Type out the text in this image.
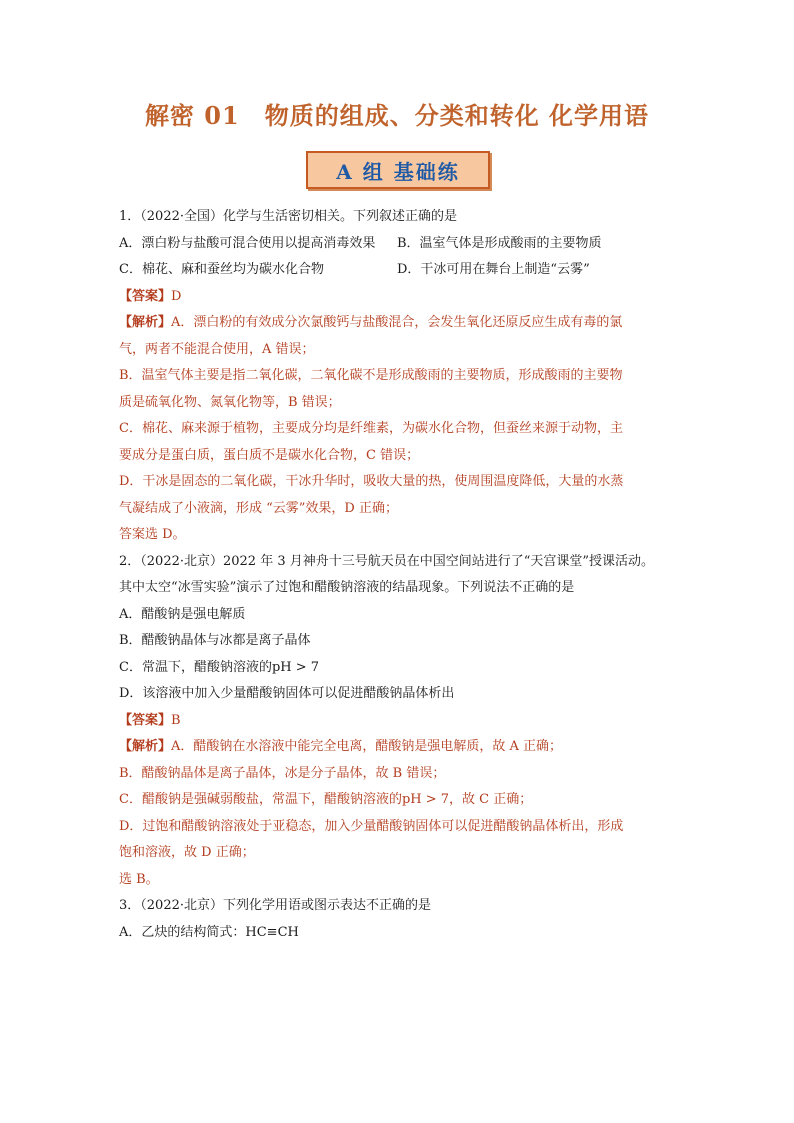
解密 01　物质的组成、分类和转化 化学用语
A 组 基础练
1．（2022·全国）化学与生活密切相关。下列叙述正确的是
A．漂白粉与盐酸可混合使用以提高消毒效果	B．温室气体是形成酸雨的主要物质
C．棉花、麻和蚕丝均为碳水化合物	D．干冰可用在舞台上制造“云雾”
【答案】D
【解析】A．漂白粉的有效成分次氯酸钙与盐酸混合，会发生氧化还原反应生成有毒的氯
气，两者不能混合使用，A 错误；
B．温室气体主要是指二氧化碳，二氧化碳不是形成酸雨的主要物质，形成酸雨的主要物
质是硫氧化物、氮氧化物等，B 错误；
C．棉花、麻来源于植物，主要成分均是纤维素，为碳水化合物，但蚕丝来源于动物，主
要成分是蛋白质，蛋白质不是碳水化合物，C 错误；
D．干冰是固态的二氧化碳，干冰升华时，吸收大量的热，使周围温度降低，大量的水蒸
气凝结成了小液滴，形成 “云雾”效果，D 正确；
答案选 D。
2．（2022·北京）2022 年 3 月神舟十三号航天员在中国空间站进行了“天宫课堂”授课活动。
其中太空“冰雪实验”演示了过饱和醋酸钠溶液的结晶现象。下列说法不正确的是
A．醋酸钠是强电解质
B．醋酸钠晶体与冰都是离子晶体
C．常温下，醋酸钠溶液的pH > 7
D．该溶液中加入少量醋酸钠固体可以促进醋酸钠晶体析出
【答案】B
【解析】A．醋酸钠在水溶液中能完全电离，醋酸钠是强电解质，故 A 正确；
B．醋酸钠晶体是离子晶体，冰是分子晶体，故 B 错误；
C．醋酸钠是强碱弱酸盐，常温下，醋酸钠溶液的pH > 7，故 C 正确；
D．过饱和醋酸钠溶液处于亚稳态，加入少量醋酸钠固体可以促进醋酸钠晶体析出，形成
饱和溶液，故 D 正确；
选 B。
3．（2022·北京）下列化学用语或图示表达不正确的是
A．乙炔的结构简式：HC≡CH
